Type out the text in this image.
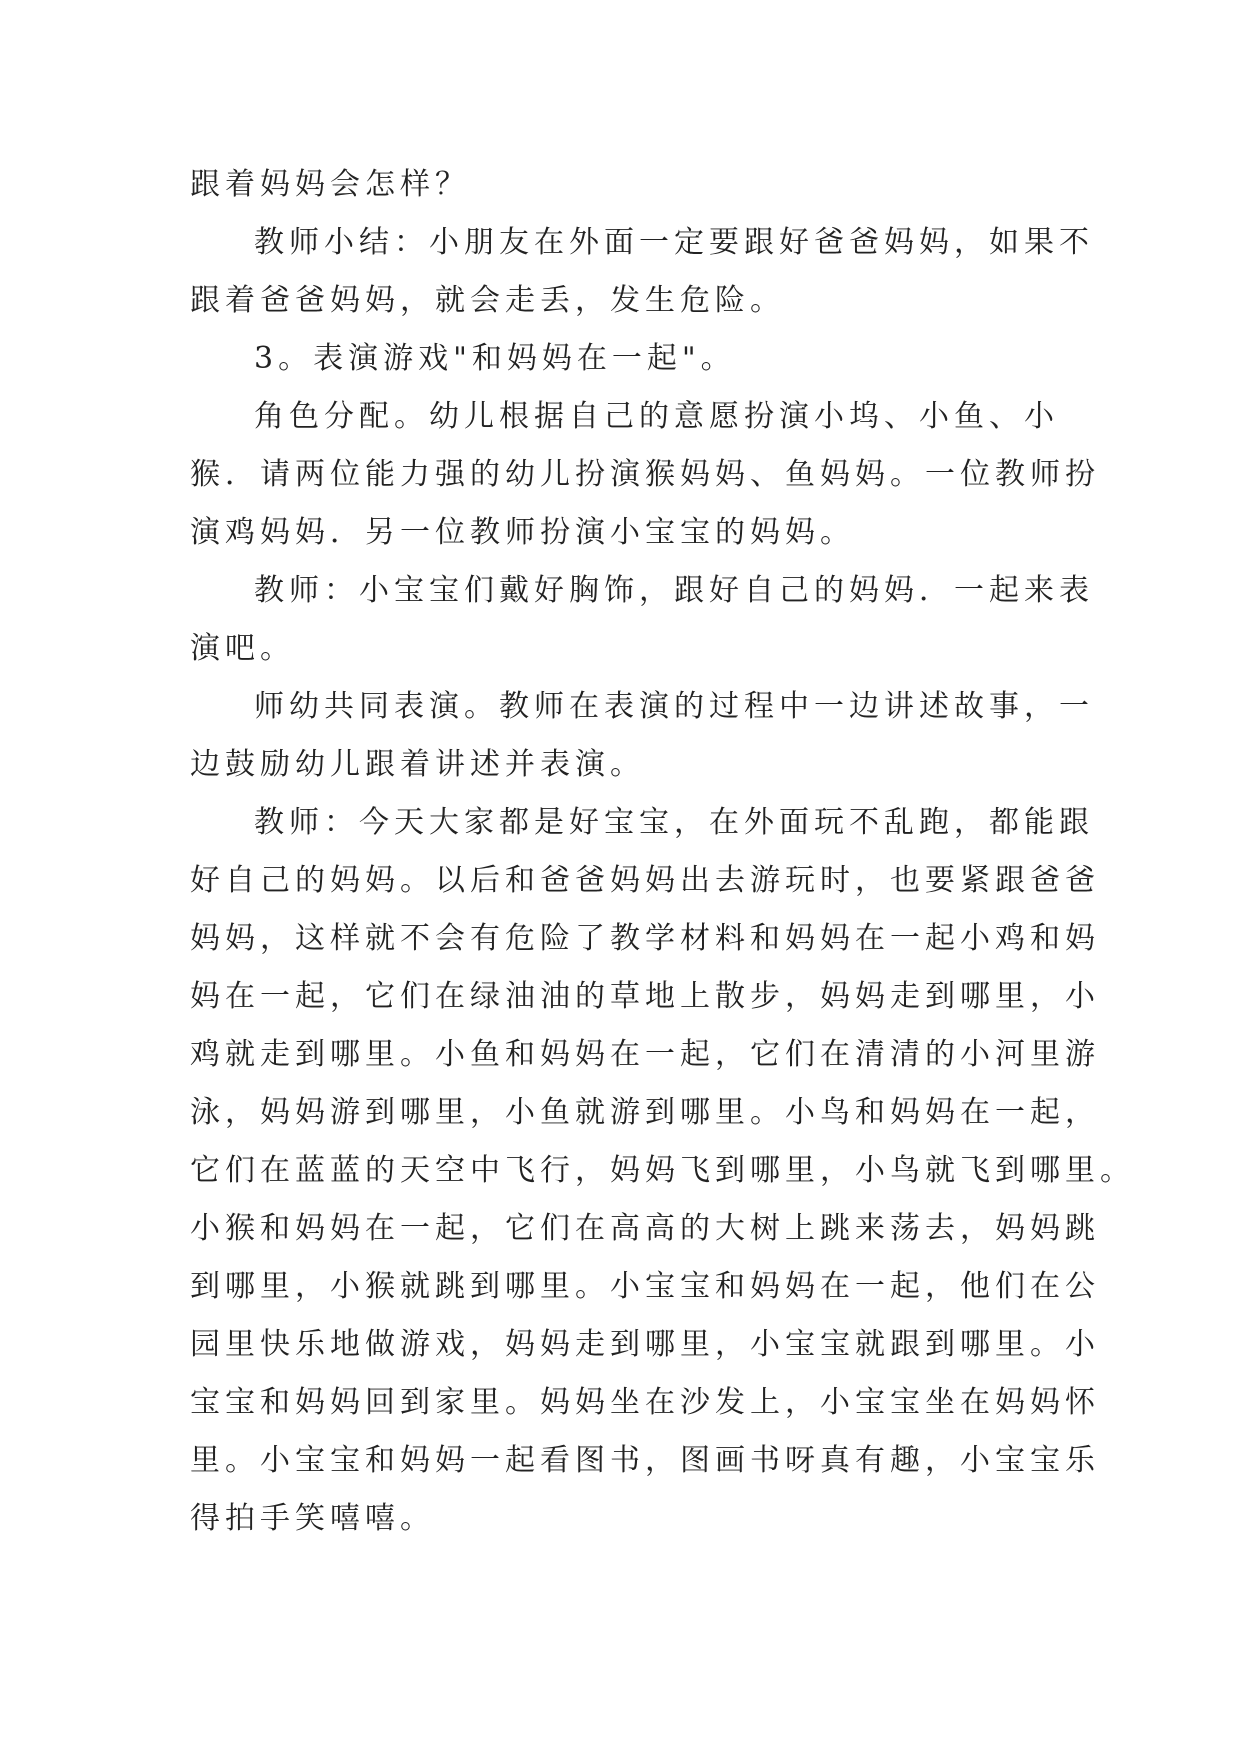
跟着妈妈会怎样？
教师小结：小朋友在外面一定要跟好爸爸妈妈，如果不
跟着爸爸妈妈，就会走丢，发生危险。
3。表演游戏"和妈妈在一起"。
角色分配。幼儿根据自己的意愿扮演小坞、小鱼、小
猴．请两位能力强的幼儿扮演猴妈妈、鱼妈妈。一位教师扮
演鸡妈妈．另一位教师扮演小宝宝的妈妈。
教师：小宝宝们戴好胸饰，跟好自己的妈妈．一起来表
演吧。
师幼共同表演。教师在表演的过程中一边讲述故事，一
边鼓励幼儿跟着讲述并表演。
教师：今天大家都是好宝宝，在外面玩不乱跑，都能跟
好自己的妈妈。以后和爸爸妈妈出去游玩时，也要紧跟爸爸
妈妈，这样就不会有危险了教学材料和妈妈在一起小鸡和妈
妈在一起，它们在绿油油的草地上散步，妈妈走到哪里，小
鸡就走到哪里。小鱼和妈妈在一起，它们在清清的小河里游
泳，妈妈游到哪里，小鱼就游到哪里。小鸟和妈妈在一起，
它们在蓝蓝的天空中飞行，妈妈飞到哪里，小鸟就飞到哪里。
小猴和妈妈在一起，它们在高高的大树上跳来荡去，妈妈跳
到哪里，小猴就跳到哪里。小宝宝和妈妈在一起，他们在公
园里快乐地做游戏，妈妈走到哪里，小宝宝就跟到哪里。小
宝宝和妈妈回到家里。妈妈坐在沙发上，小宝宝坐在妈妈怀
里。小宝宝和妈妈一起看图书，图画书呀真有趣，小宝宝乐
得拍手笑嘻嘻。
